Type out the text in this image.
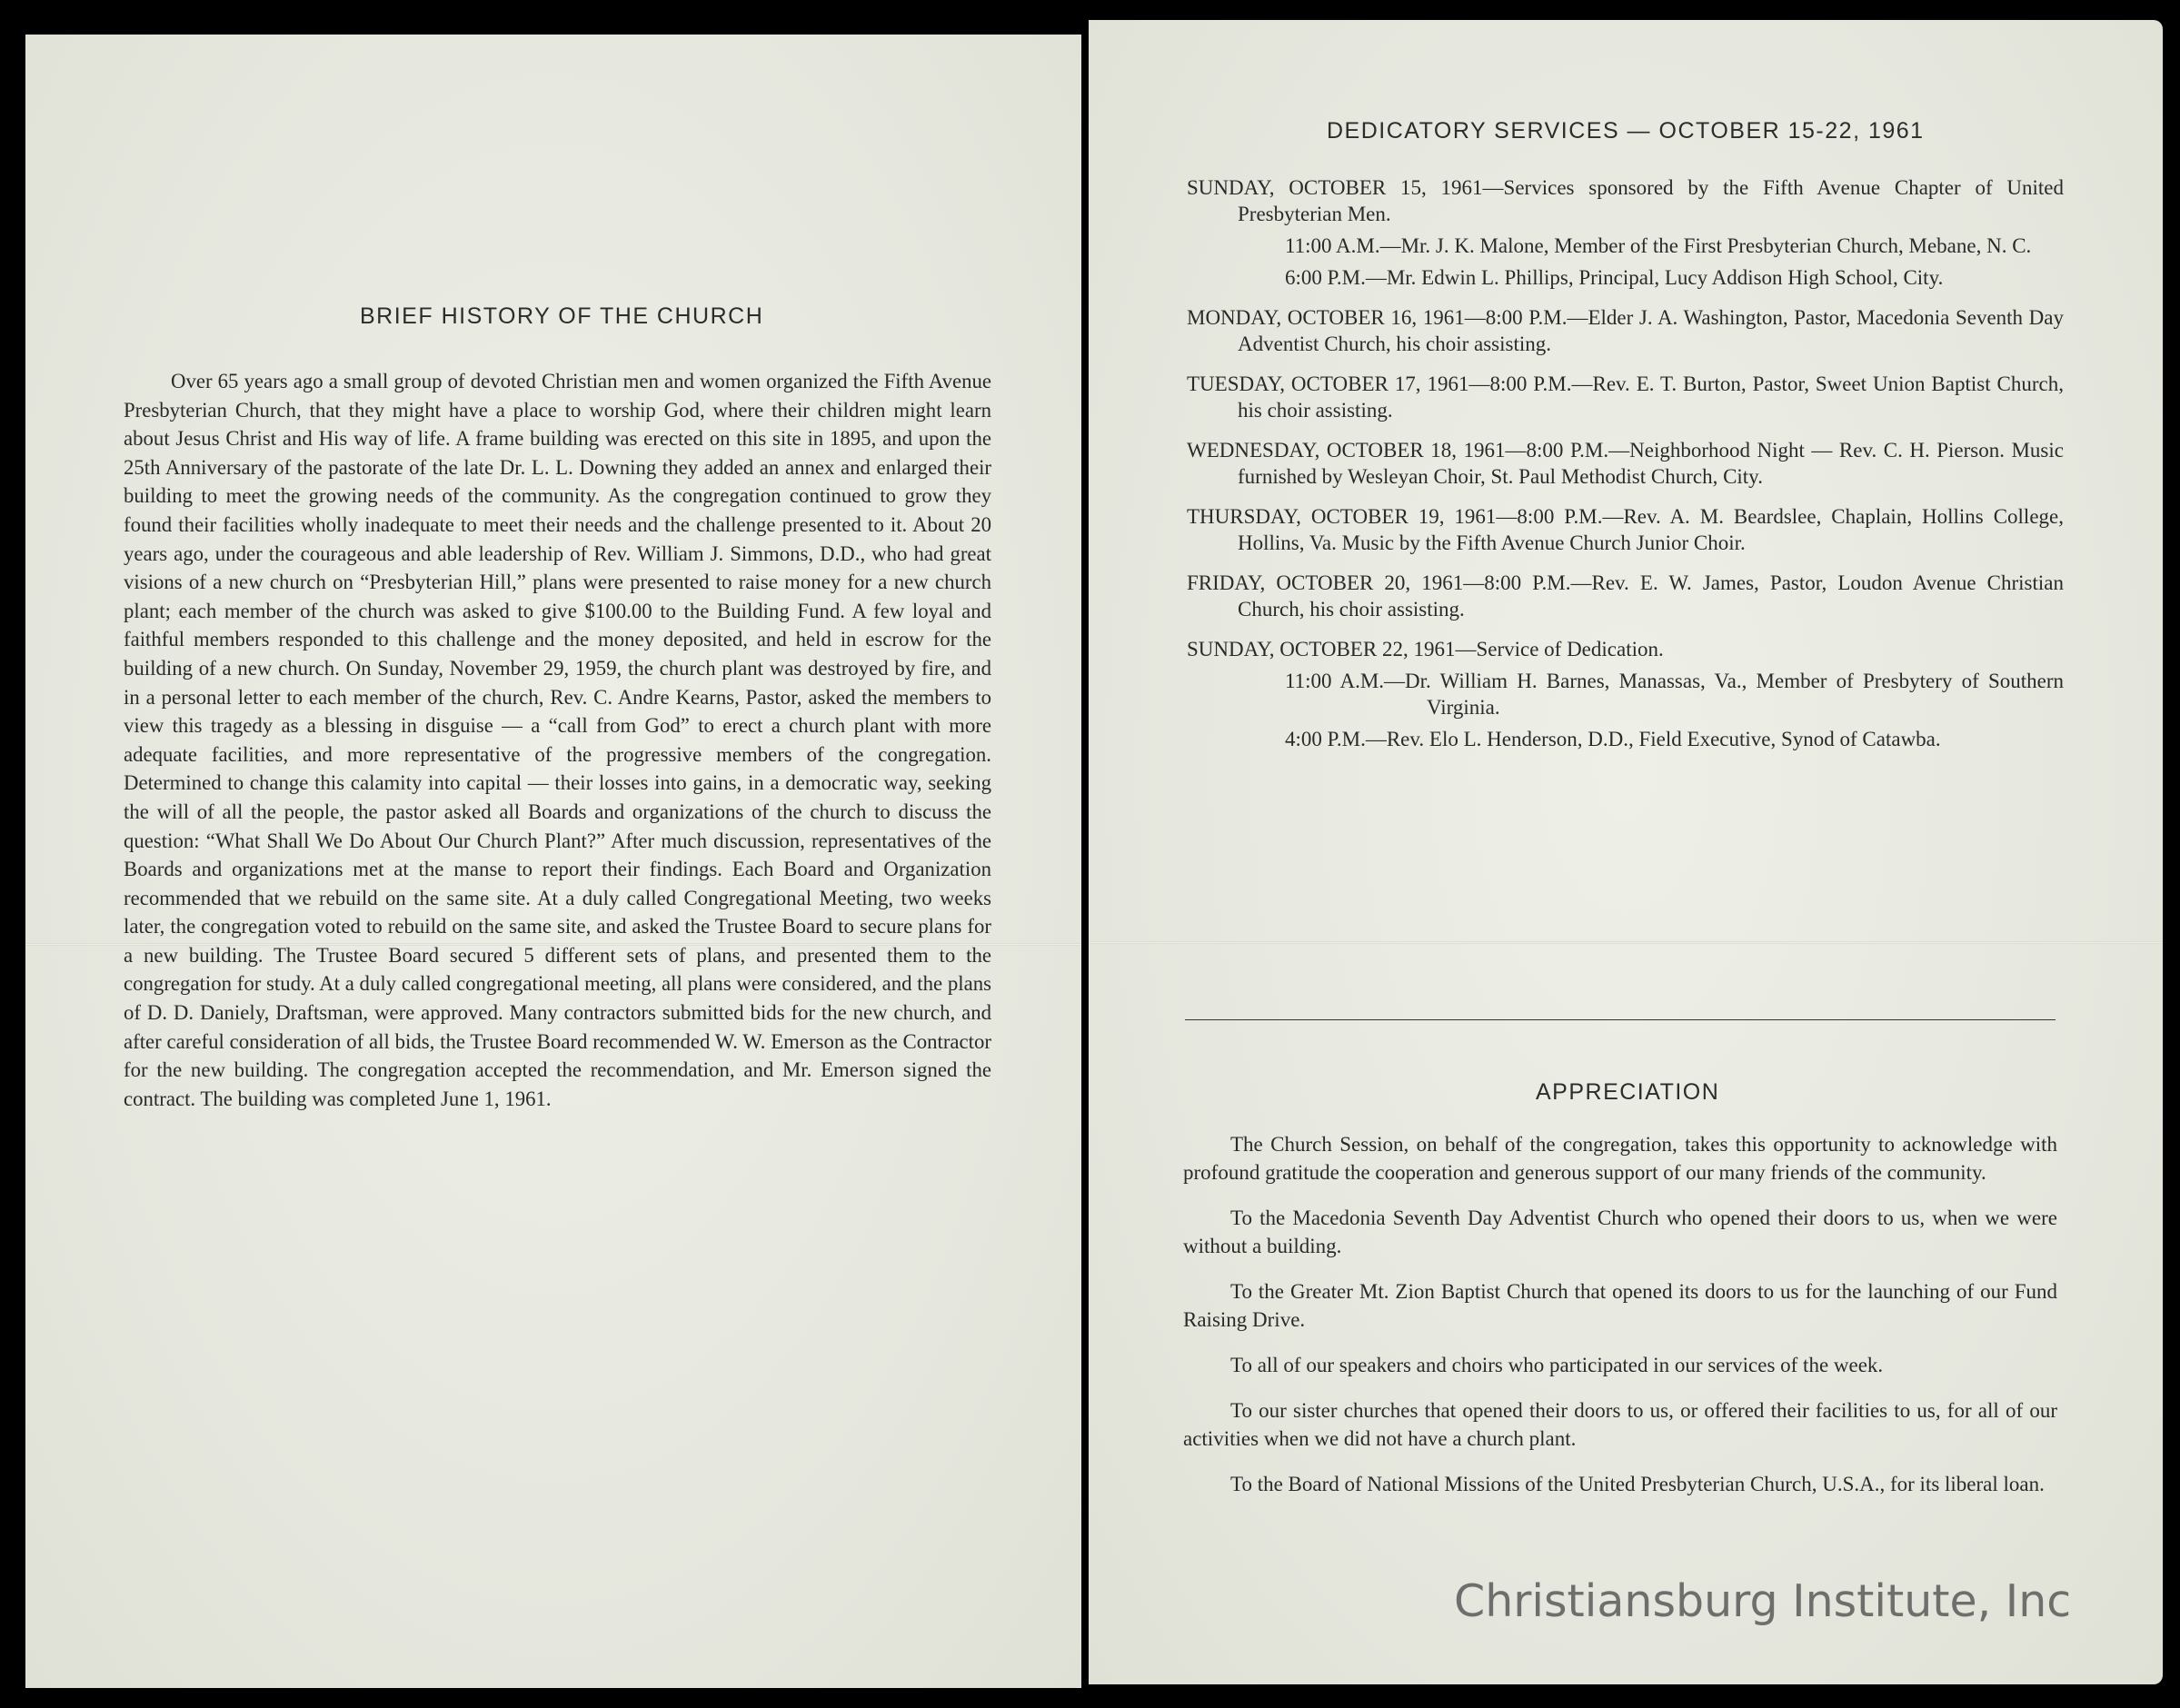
BRIEF HISTORY OF THE CHURCH

Over 65 years ago a small group of devoted Christian men and women organized the Fifth Avenue Presbyterian Church, that they might have a place to worship God, where their children might learn about Jesus Christ and His way of life. A frame building was erected on this site in 1895, and upon the 25th Anniversary of the pastorate of the late Dr. L. L. Downing they added an annex and enlarged their building to meet the growing needs of the community. As the congregation continued to grow they found their facilities wholly inadequate to meet their needs and the challenge presented to it. About 20 years ago, under the courageous and able leadership of Rev. William J. Simmons, D.D., who had great visions of a new church on “Presbyterian Hill,” plans were presented to raise money for a new church plant; each member of the church was asked to give $100.00 to the Building Fund. A few loyal and faithful members responded to this challenge and the money deposited, and held in escrow for the building of a new church. On Sunday, November 29, 1959, the church plant was destroyed by fire, and in a personal letter to each member of the church, Rev. C. Andre Kearns, Pastor, asked the members to view this tragedy as a blessing in disguise — a “call from God” to erect a church plant with more adequate facilities, and more representative of the progressive members of the congregation. Determined to change this calamity into capital — their losses into gains, in a democratic way, seeking the will of all the people, the pastor asked all Boards and organizations of the church to discuss the question: “What Shall We Do About Our Church Plant?” After much discussion, representatives of the Boards and organizations met at the manse to report their findings. Each Board and Organization recommended that we rebuild on the same site. At a duly called Congregational Meeting, two weeks later, the congregation voted to rebuild on the same site, and asked the Trustee Board to secure plans for a new building. The Trustee Board secured 5 different sets of plans, and presented them to the congregation for study. At a duly called congregational meeting, all plans were considered, and the plans of D. D. Daniely, Draftsman, were approved. Many contractors submitted bids for the new church, and after careful consideration of all bids, the Trustee Board recommended W. W. Emerson as the Contractor for the new building. The congregation accepted the recommendation, and Mr. Emerson signed the contract. The building was completed June 1, 1961.

DEDICATORY SERVICES — OCTOBER 15-22, 1961
SUNDAY, OCTOBER 15, 1961—Services sponsored by the Fifth Avenue Chapter of United Presbyterian Men.
11:00 A.M.—Mr. J. K. Malone, Member of the First Presbyterian Church, Mebane, N. C.
6:00 P.M.—Mr. Edwin L. Phillips, Principal, Lucy Addison High School, City.
MONDAY, OCTOBER 16, 1961—8:00 P.M.—Elder J. A. Washington, Pastor, Macedonia Seventh Day Adventist Church, his choir assisting.
TUESDAY, OCTOBER 17, 1961—8:00 P.M.—Rev. E. T. Burton, Pastor, Sweet Union Baptist Church, his choir assisting.
WEDNESDAY, OCTOBER 18, 1961—8:00 P.M.—Neighborhood Night — Rev. C. H. Pierson. Music furnished by Wesleyan Choir, St. Paul Methodist Church, City.
THURSDAY, OCTOBER 19, 1961—8:00 P.M.—Rev. A. M. Beardslee, Chaplain, Hollins College, Hollins, Va. Music by the Fifth Avenue Church Junior Choir.
FRIDAY, OCTOBER 20, 1961—8:00 P.M.—Rev. E. W. James, Pastor, Loudon Avenue Christian Church, his choir assisting.
SUNDAY, OCTOBER 22, 1961—Service of Dedication.
11:00 A.M.—Dr. William H. Barnes, Manassas, Va., Member of Presbytery of Southern Virginia.
4:00 P.M.—Rev. Elo L. Henderson, D.D., Field Executive, Synod of Catawba.
APPRECIATION

The Church Session, on behalf of the congregation, takes this opportunity to acknowledge with profound gratitude the cooperation and generous support of our many friends of the community.

To the Macedonia Seventh Day Adventist Church who opened their doors to us, when we were without a building.

To the Greater Mt. Zion Baptist Church that opened its doors to us for the launching of our Fund Raising Drive.

To all of our speakers and choirs who participated in our services of the week.

To our sister churches that opened their doors to us, or offered their facilities to us, for all of our activities when we did not have a church plant.

To the Board of National Missions of the United Presbyterian Church, U.S.A., for its liberal loan.

Christiansburg Institute, Inc
